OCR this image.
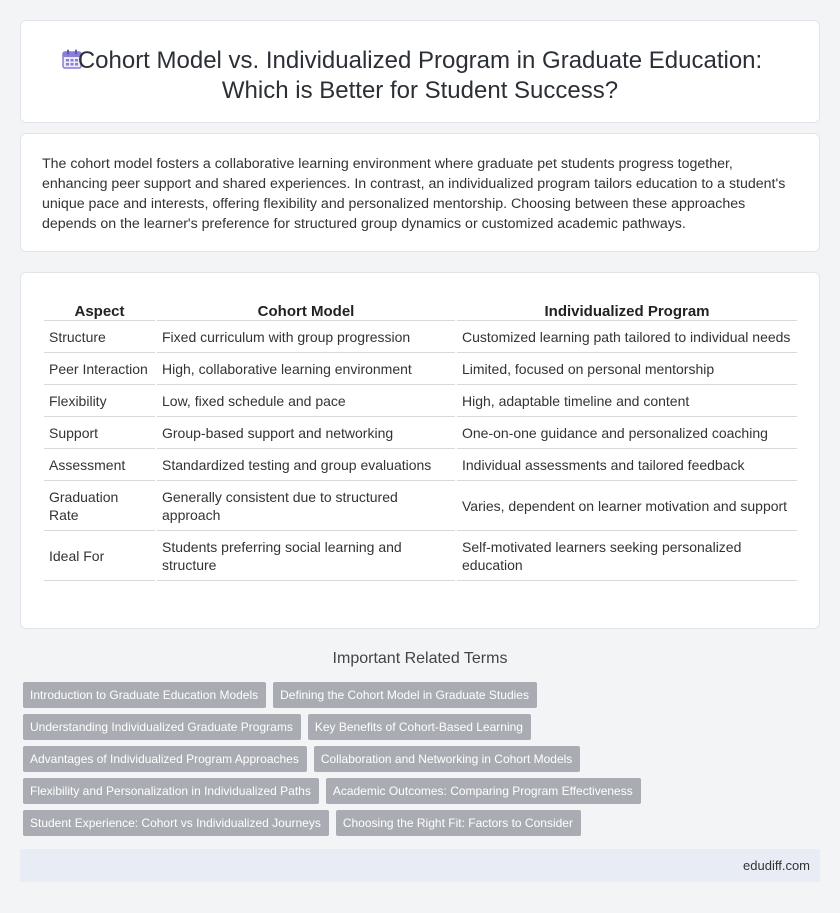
Cohort Model vs. Individualized Program in Graduate Education:
Which is Better for Student Success?
The cohort model fosters a collaborative learning environment where graduate pet students progress together, enhancing peer support and shared experiences. In contrast, an individualized program tailors education to a student's unique pace and interests, offering flexibility and personalized mentorship. Choosing between these approaches depends on the learner's preference for structured group dynamics or customized academic pathways.
Aspect	Cohort Model	Individualized Program
Structure	Fixed curriculum with group progression	Customized learning path tailored to individual needs
Peer Interaction	High, collaborative learning environment	Limited, focused on personal mentorship
Flexibility	Low, fixed schedule and pace	High, adaptable timeline and content
Support	Group-based support and networking	One-on-one guidance and personalized coaching
Assessment	Standardized testing and group evaluations	Individual assessments and tailored feedback
Graduation Rate	Generally consistent due to structured approach	Varies, dependent on learner motivation and support
Ideal For	Students preferring social learning and structure	Self-motivated learners seeking personalized education
Important Related Terms
Introduction to Graduate Education Models	Defining the Cohort Model in Graduate Studies
Understanding Individualized Graduate Programs	Key Benefits of Cohort-Based Learning
Advantages of Individualized Program Approaches	Collaboration and Networking in Cohort Models
Flexibility and Personalization in Individualized Paths	Academic Outcomes: Comparing Program Effectiveness
Student Experience: Cohort vs Individualized Journeys	Choosing the Right Fit: Factors to Consider
edudiff.com
